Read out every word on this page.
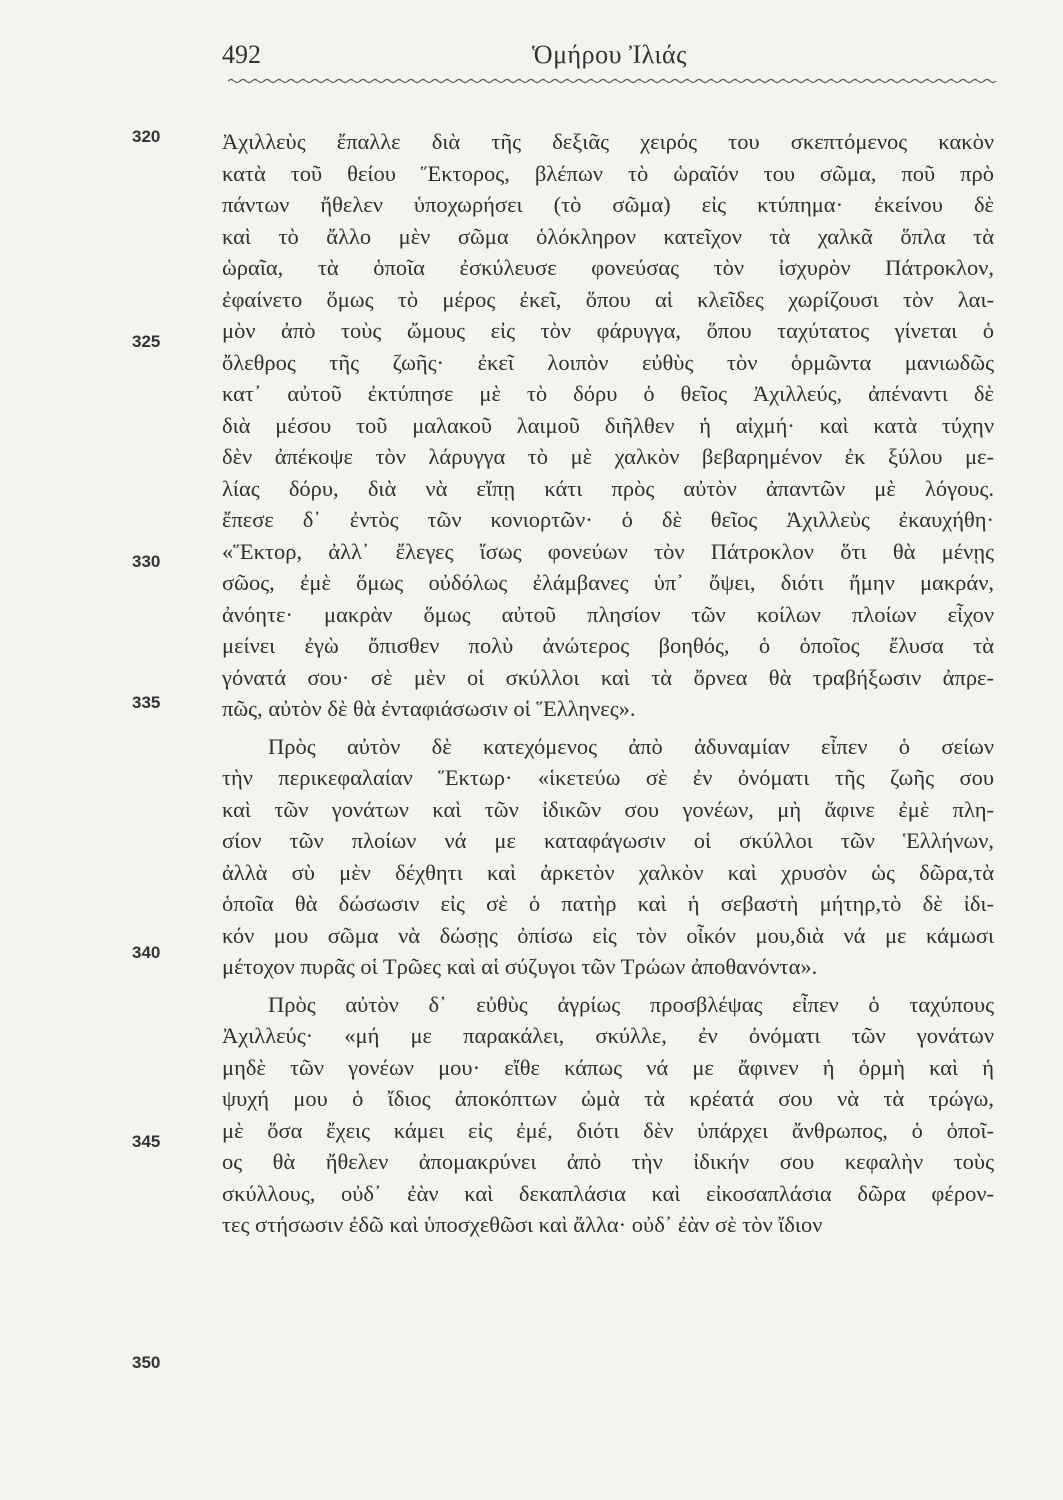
492	Ὁμήρου Ἰλιάς
320
325
330
335
340
345
350
Ἀχιλλεὺς ἔπαλλε διὰ τῆς δεξιᾶς χειρός του σκεπτόμενος κακὸν
κατὰ τοῦ θείου Ἕκτορος, βλέπων τὸ ὡραῖόν του σῶμα, ποῦ πρὸ
πάντων ἤθελεν ὑποχωρήσει (τὸ σῶμα) εἰς κτύπημα· ἐκείνου δὲ
καὶ τὸ ἄλλο μὲν σῶμα ὁλόκληρον κατεῖχον τὰ χαλκᾶ ὅπλα τὰ
ὡραῖα, τὰ ὁποῖα ἐσκύλευσε φονεύσας τὸν ἰσχυρὸν Πάτροκλον,
ἐφαίνετο ὅμως τὸ μέρος ἐκεῖ, ὅπου αἱ κλεῖδες χωρίζουσι τὸν λαι-
μὸν ἀπὸ τοὺς ὤμους εἰς τὸν φάρυγγα, ὅπου ταχύτατος γίνεται ὁ
ὄλεθρος τῆς ζωῆς· ἐκεῖ λοιπὸν εὐθὺς τὸν ὁρμῶντα μανιωδῶς
κατ᾽ αὐτοῦ ἐκτύπησε μὲ τὸ δόρυ ὁ θεῖος Ἀχιλλεύς, ἀπέναντι δὲ
διὰ μέσου τοῦ μαλακοῦ λαιμοῦ διῆλθεν ἡ αἰχμή· καὶ κατὰ τύχην
δὲν ἀπέκοψε τὸν λάρυγγα τὸ μὲ χαλκὸν βεβαρημένον ἐκ ξύλου με-
λίας δόρυ, διὰ νὰ εἴπῃ κάτι πρὸς αὐτὸν ἀπαντῶν μὲ λόγους.
ἔπεσε δ᾽ ἐντὸς τῶν κονιορτῶν· ὁ δὲ θεῖος Ἀχιλλεὺς ἐκαυχήθη·
«Ἕκτορ, ἀλλ᾽ ἔλεγες ἴσως φονεύων τὸν Πάτροκλον ὅτι θὰ μένῃς
σῶος, ἐμὲ ὅμως οὐδόλως ἐλάμβανες ὑπ᾽ ὄψει, διότι ἤμην μακράν,
ἀνόητε· μακρὰν ὅμως αὐτοῦ πλησίον τῶν κοίλων πλοίων εἶχον
μείνει ἐγὼ ὄπισθεν πολὺ ἀνώτερος βοηθός, ὁ ὁποῖος ἔλυσα τὰ
γόνατά σου· σὲ μὲν οἱ σκύλλοι καὶ τὰ ὄρνεα θὰ τραβήξωσιν ἀπρε-
πῶς, αὐτὸν δὲ θὰ ἐνταφιάσωσιν οἱ Ἕλληνες».
Πρὸς αὐτὸν δὲ κατεχόμενος ἀπὸ ἀδυναμίαν εἶπεν ὁ σείων
τὴν περικεφαλαίαν Ἕκτωρ· «ἱκετεύω σὲ ἐν ὀνόματι τῆς ζωῆς σου
καὶ τῶν γονάτων καὶ τῶν ἰδικῶν σου γονέων, μὴ ἄφινε ἐμὲ πλη-
σίον τῶν πλοίων νά με καταφάγωσιν οἱ σκύλλοι τῶν Ἑλλήνων,
ἀλλὰ σὺ μὲν δέχθητι καὶ ἀρκετὸν χαλκὸν καὶ χρυσὸν ὡς δῶρα,τὰ
ὁποῖα θὰ δώσωσιν εἰς σὲ ὁ πατὴρ καὶ ἡ σεβαστὴ μήτηρ,τὸ δὲ ἰδι-
κόν μου σῶμα νὰ δώσῃς ὀπίσω εἰς τὸν οἶκόν μου,διὰ νά με κάμωσι
μέτοχον πυρᾶς οἱ Τρῶες καὶ αἱ σύζυγοι τῶν Τρώων ἀποθανόντα».
Πρὸς αὐτὸν δ᾽ εὐθὺς ἀγρίως προσβλέψας εἶπεν ὁ ταχύπους
Ἀχιλλεύς· «μή με παρακάλει, σκύλλε, ἐν ὀνόματι τῶν γονάτων
μηδὲ τῶν γονέων μου· εἴθε κάπως νά με ἄφινεν ἡ ὁρμὴ καὶ ἡ
ψυχή μου ὁ ἴδιος ἀποκόπτων ὠμὰ τὰ κρέατά σου νὰ τὰ τρώγω,
μὲ ὅσα ἔχεις κάμει εἰς ἐμέ, διότι δὲν ὑπάρχει ἄνθρωπος, ὁ ὁποῖ-
ος θὰ ἤθελεν ἀπομακρύνει ἀπὸ τὴν ἰδικήν σου κεφαλὴν τοὺς
σκύλλους, οὐδ᾽ ἐὰν καὶ δεκαπλάσια καὶ εἰκοσαπλάσια δῶρα φέρον-
τες στήσωσιν ἐδῶ καὶ ὑποσχεθῶσι καὶ ἄλλα· οὐδ᾽ ἐὰν σὲ τὸν ἴδιον
